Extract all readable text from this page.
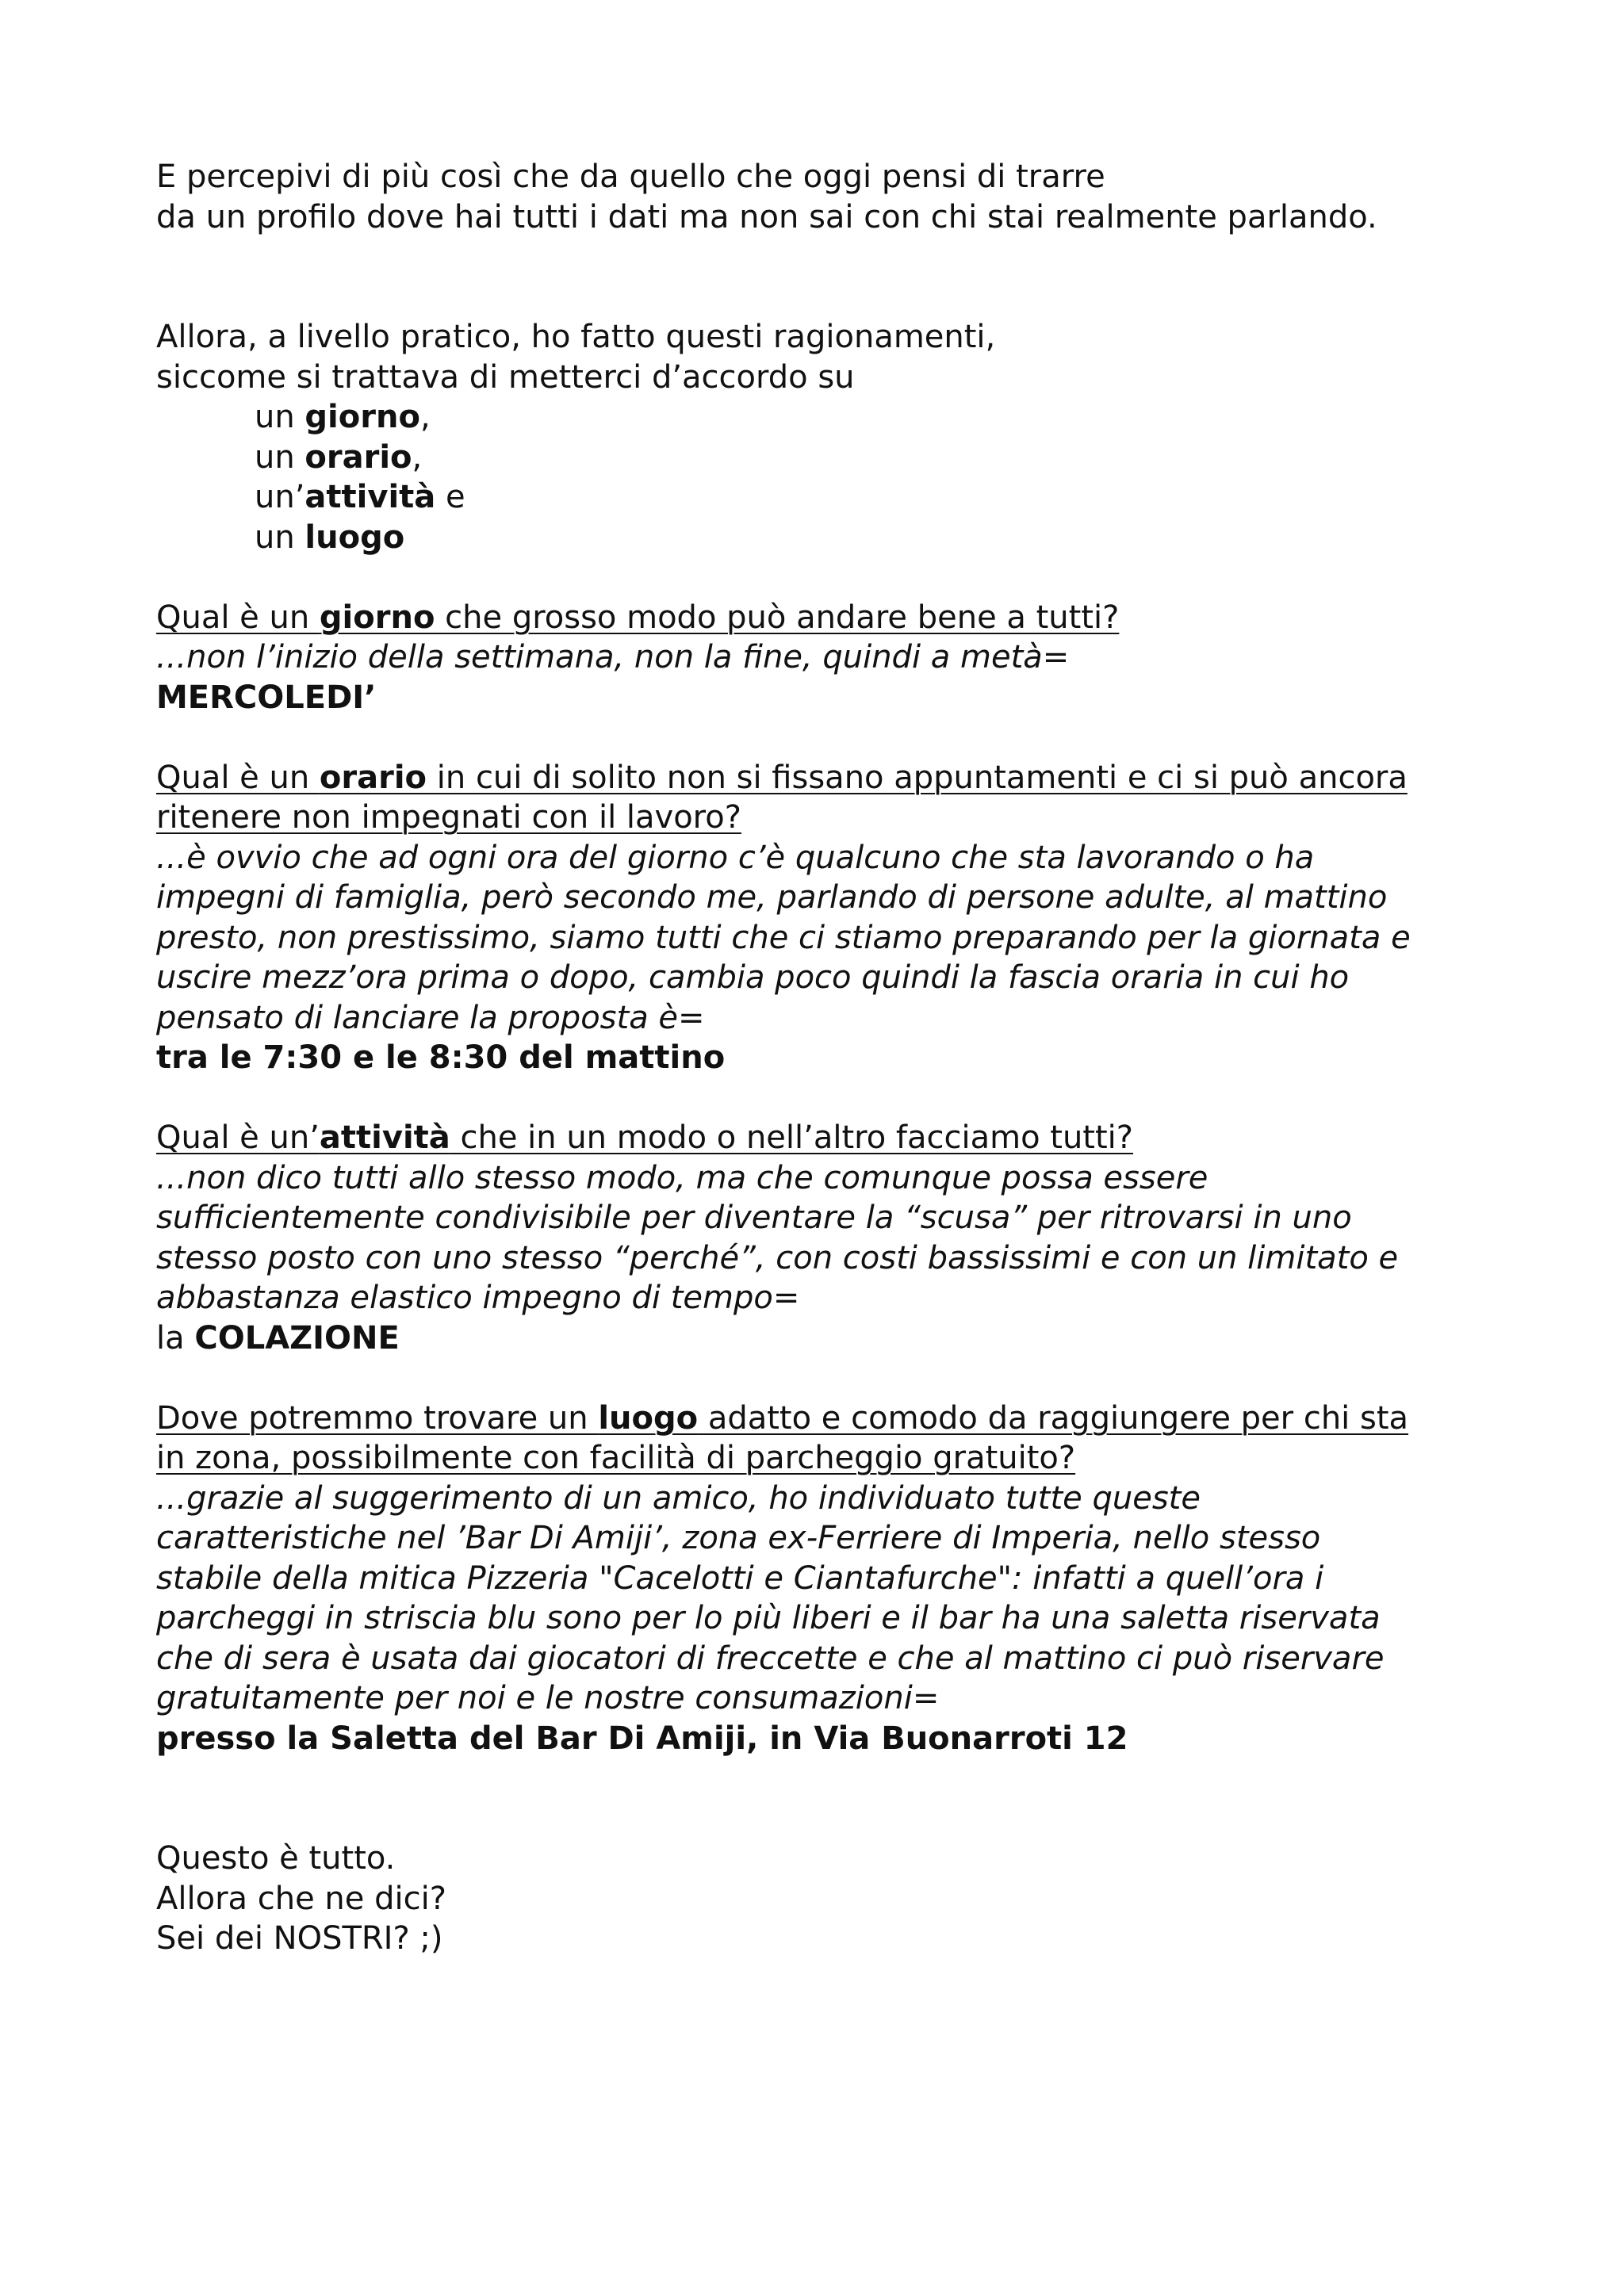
E percepivi di più così che da quello che oggi pensi di trarre
da un profilo dove hai tutti i dati ma non sai con chi stai realmente parlando.
Allora, a livello pratico, ho fatto questi ragionamenti,
siccome si trattava di metterci d’accordo su
un giorno,
un orario,
un’attività e
un luogo
Qual è un giorno che grosso modo può andare bene a tutti?
...non l’inizio della settimana, non la fine, quindi a metà=
MERCOLEDI’
Qual è un orario in cui di solito non si fissano appuntamenti e ci si può ancora
ritenere non impegnati con il lavoro?
...è ovvio che ad ogni ora del giorno c’è qualcuno che sta lavorando o ha
impegni di famiglia, però secondo me, parlando di persone adulte, al mattino
presto, non prestissimo, siamo tutti che ci stiamo preparando per la giornata e
uscire mezz’ora prima o dopo, cambia poco quindi la fascia oraria in cui ho
pensato di lanciare la proposta è=
tra le 7:30 e le 8:30 del mattino
Qual è un’attività che in un modo o nell’altro facciamo tutti?
...non dico tutti allo stesso modo, ma che comunque possa essere
sufficientemente condivisibile per diventare la “scusa” per ritrovarsi in uno
stesso posto con uno stesso “perché”, con costi bassissimi e con un limitato e
abbastanza elastico impegno di tempo=
la COLAZIONE
Dove potremmo trovare un luogo adatto e comodo da raggiungere per chi sta
in zona, possibilmente con facilità di parcheggio gratuito?
...grazie al suggerimento di un amico, ho individuato tutte queste
caratteristiche nel ’Bar Di Amiji’, zona ex-Ferriere di Imperia, nello stesso
stabile della mitica Pizzeria "Cacelotti e Ciantafurche": infatti a quell’ora i
parcheggi in striscia blu sono per lo più liberi e il bar ha una saletta riservata
che di sera è usata dai giocatori di freccette e che al mattino ci può riservare
gratuitamente per noi e le nostre consumazioni=
presso la Saletta del Bar Di Amiji, in Via Buonarroti 12
Questo è tutto.
Allora che ne dici?
Sei dei NOSTRI? ;)
